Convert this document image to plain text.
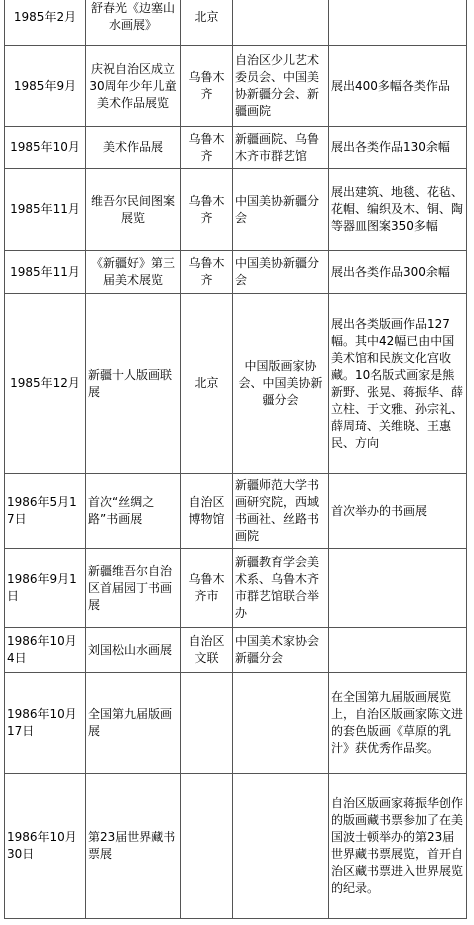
1985年2月	舒春光《边塞山水画展》	北京		
1985年9月	庆祝自治区成立30周年少年儿童美术作品展览	乌鲁木齐	自治区少儿艺术委员会、中国美协新疆分会、新疆画院	展出400多幅各类作品
1985年10月	美术作品展	乌鲁木齐	新疆画院、乌鲁木齐市群艺馆	展出各类作品130余幅
1985年11月	维吾尔民间图案展览	乌鲁木齐	中国美协新疆分会	展出建筑、地毯、花毡、花帽、编织及木、铜、陶等器皿图案350多幅
1985年11月	《新疆好》第三届美术展览	乌鲁木齐	中国美协新疆分会	展出各类作品300余幅
1985年12月	新疆十人版画联展	北京	中国版画家协会、中国美协新疆分会	展出各类版画作品127幅。其中42幅已由中国美术馆和民族文化宫收藏。10名版式画家是熊新野、张晃、蒋振华、薛立柱、于文雅、孙宗礼、薛周琦、关维晓、王惠民、方向
1986年5月17日	首次“丝绸之路”书画展	自治区博物馆	新疆师范大学书画研究院，西域书画社、丝路书画院	首次举办的书画展
1986年9月1日	新疆维吾尔自治区首届园丁书画展	乌鲁木齐市	新疆教育学会美术系、乌鲁木齐市群艺馆联合举办	
1986年10月4日	刘国松山水画展	自治区文联	中国美术家协会新疆分会	
1986年10月17日	全国第九届版画展			在全国第九届版画展览上，自治区版画家陈文进的套色版画《草原的乳汁》获优秀作品奖。
1986年10月30日	第23届世界藏书票展			自治区版画家蒋振华创作的版画藏书票参加了在美国波士顿举办的第23届世界藏书票展览，首开自治区藏书票进入世界展览的纪录。
